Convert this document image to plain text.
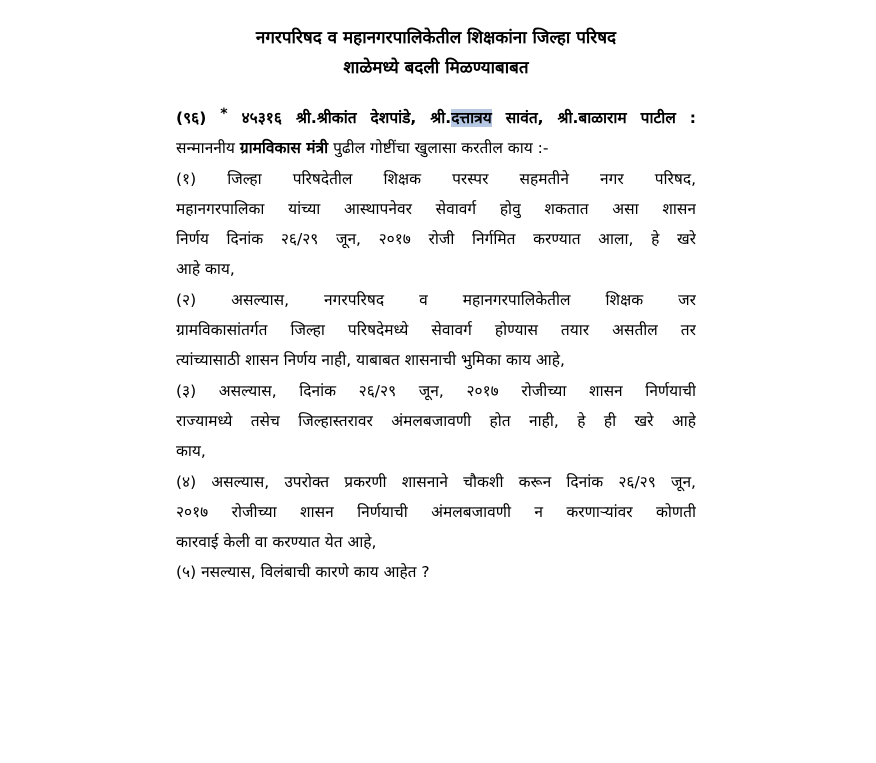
नगरपरिषद व महानगरपालिकेतील शिक्षकांना जिल्हा परिषद
शाळेमध्ये बदली मिळण्याबाबत
(९६) * ४५३१६ श्री.श्रीकांत देशपांडे, श्री.दत्तात्रय सावंत, श्री.बाळाराम पाटील :
सन्माननीय ग्रामविकास मंत्री पुढील गोष्टींचा खुलासा करतील काय :-
(१) जिल्हा परिषदेतील शिक्षक परस्पर सहमतीने नगर परिषद,
महानगरपालिका यांच्या आस्थापनेवर सेवावर्ग होवु शकतात असा शासन
निर्णय दिनांक २६/२९ जून, २०१७ रोजी निर्गमित करण्यात आला, हे खरे
आहे काय,
(२) असल्यास, नगरपरिषद व महानगरपालिकेतील शिक्षक जर
ग्रामविकासांतर्गत जिल्हा परिषदेमध्ये सेवावर्ग होण्यास तयार असतील तर
त्यांच्यासाठी शासन निर्णय नाही, याबाबत शासनाची भुमिका काय आहे,
(३) असल्यास, दिनांक २६/२९ जून, २०१७ रोजीच्या शासन निर्णयाची
राज्यामध्ये तसेच जिल्हास्तरावर अंमलबजावणी होत नाही, हे ही खरे आहे
काय,
(४) असल्यास, उपरोक्त प्रकरणी शासनाने चौकशी करून दिनांक २६/२९ जून,
२०१७ रोजीच्या शासन निर्णयाची अंमलबजावणी न करणाऱ्यांवर कोणती
कारवाई केली वा करण्यात येत आहे,
(५) नसल्यास, विलंबाची कारणे काय आहेत ?
